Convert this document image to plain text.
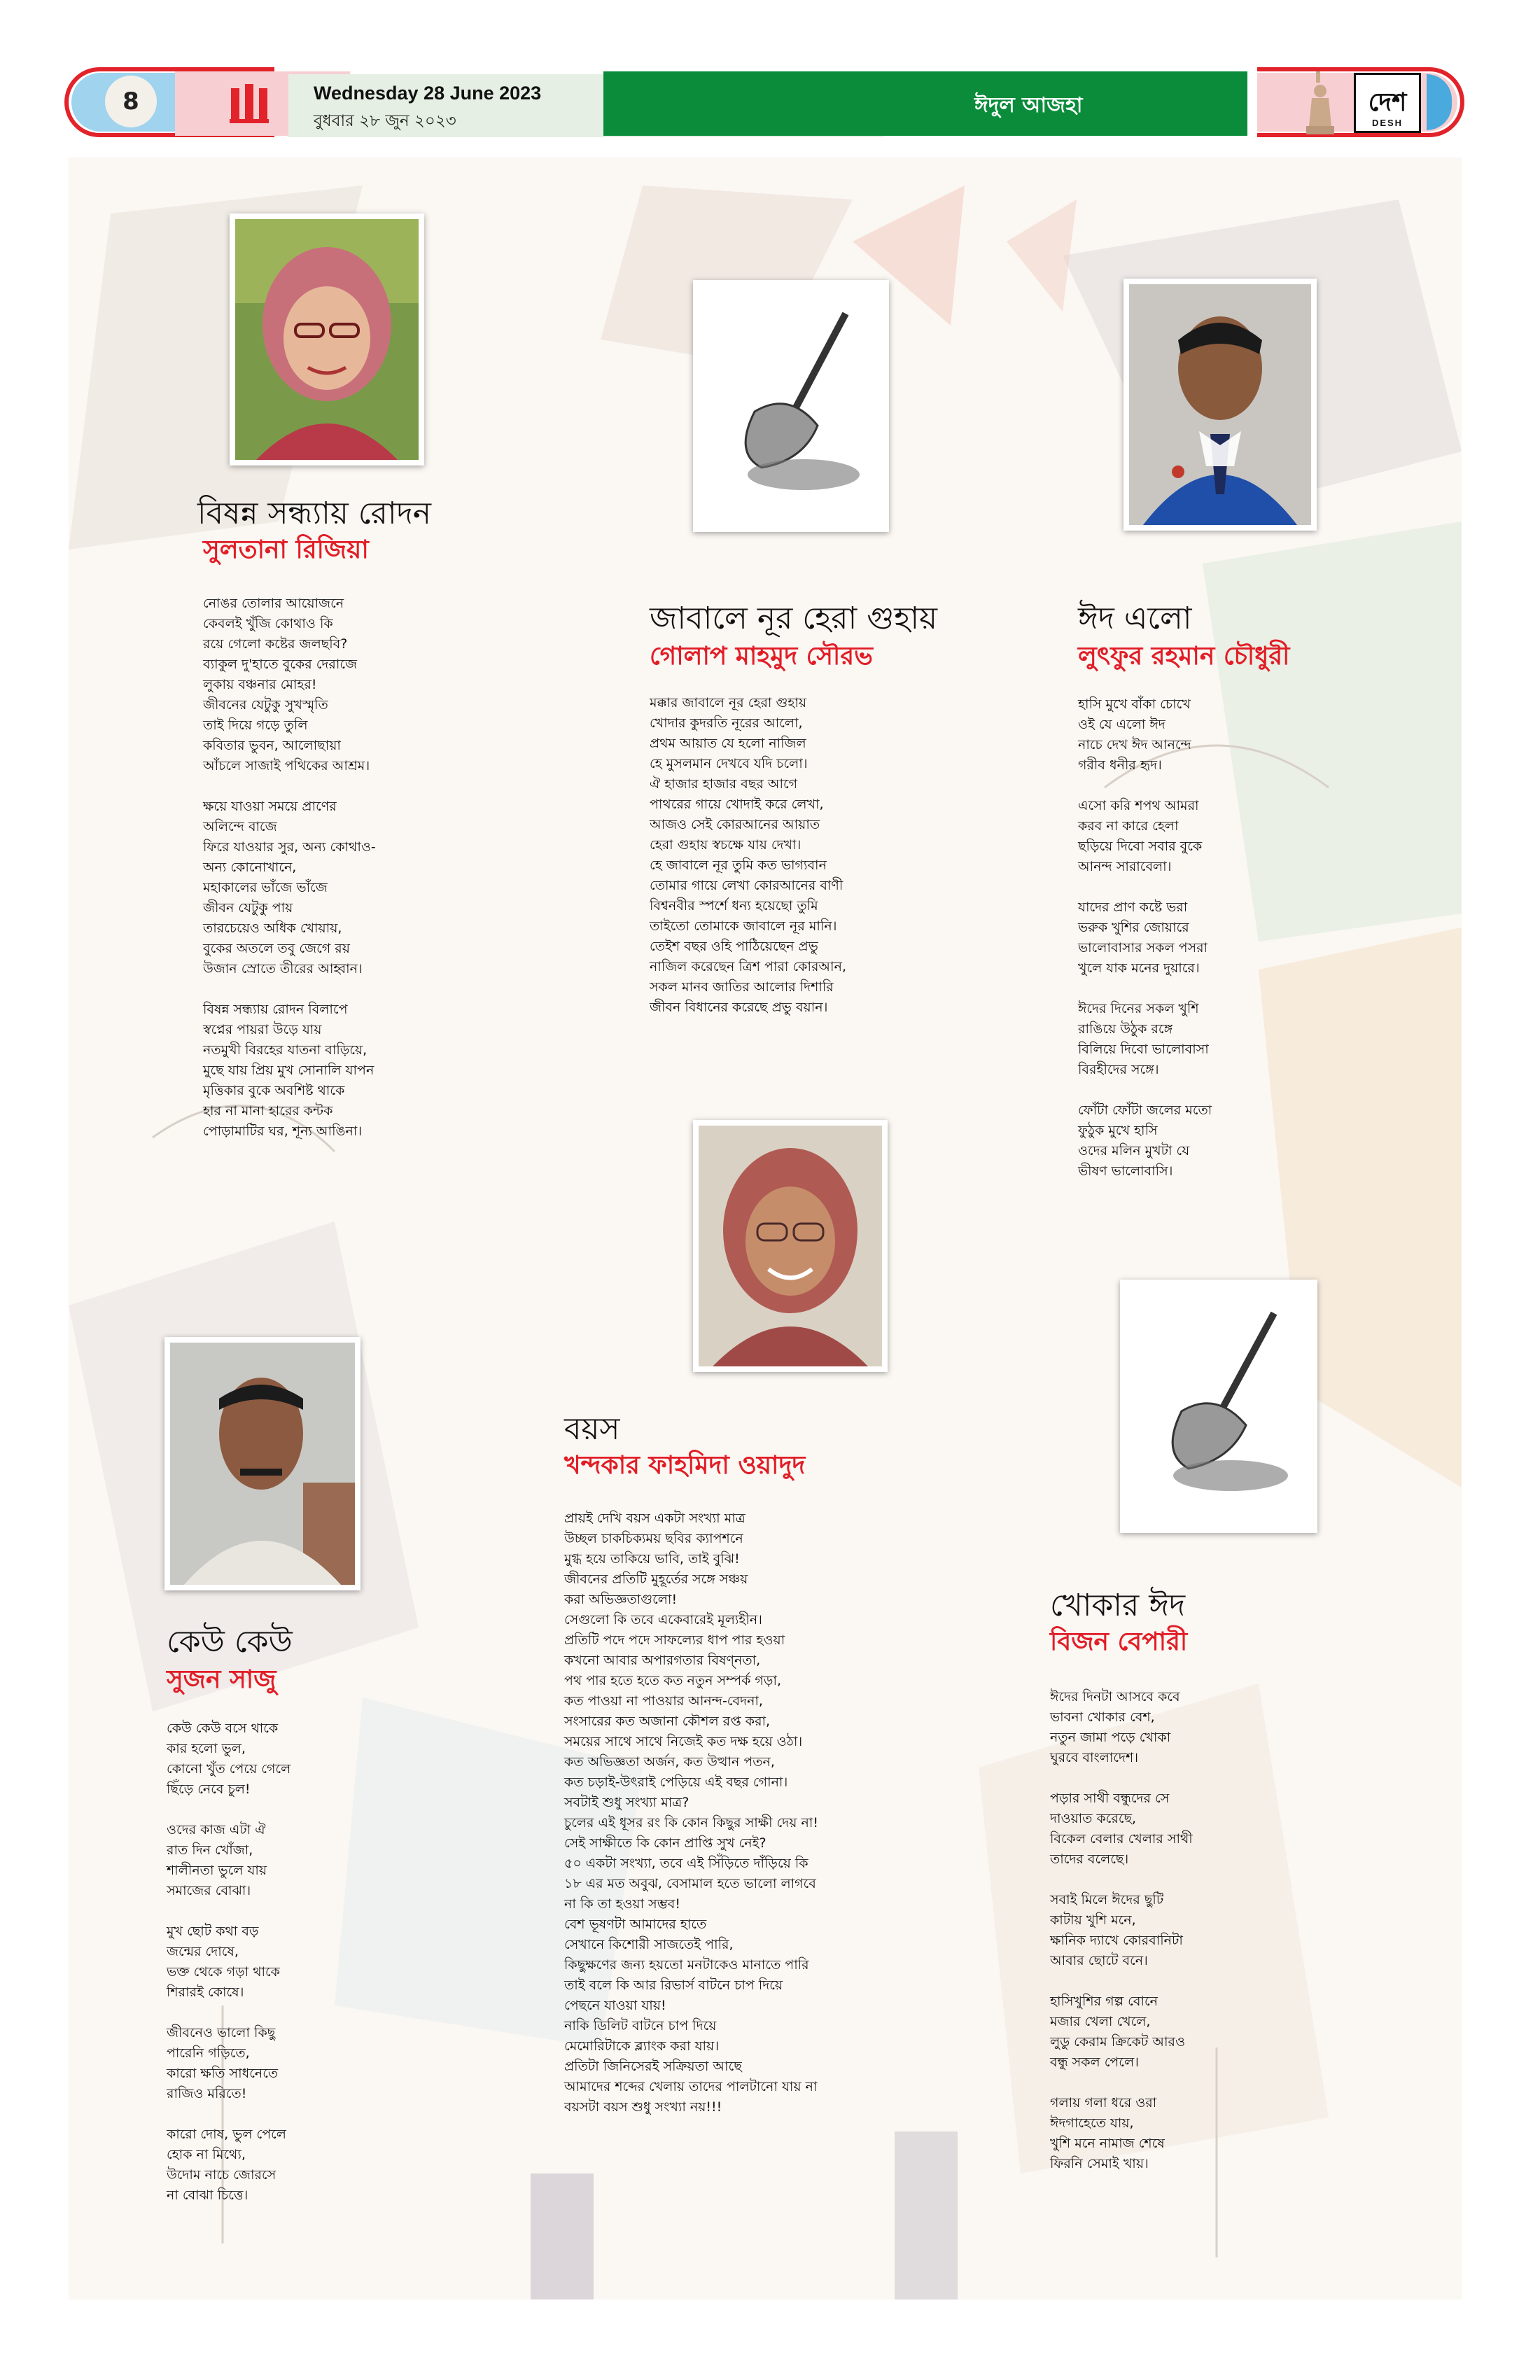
8	Wednesday 28 June 2023
বুধবার ২৮ জুন ২০২৩
ঈদুল আজহা	দেশ
DESH
বিষন্ন সন্ধ্যায় রোদন
সুলতানা রিজিয়া
নোঙর তোলার আয়োজনে
কেবলই খুঁজি কোথাও কি
রয়ে গেলো কষ্টের জলছবি?
ব্যাকুল দু'হাতে বুকের দেরাজে
লুকায় বঞ্চনার মোহর!
জীবনের যেটুকু সুখস্মৃতি
তাই দিয়ে গড়ে তুলি
কবিতার ভুবন, আলোছায়া
আঁচলে সাজাই পথিকের আশ্রম।
ক্ষয়ে যাওয়া সময়ে প্রাণের
অলিন্দে বাজে
ফিরে যাওয়ার সুর, অন্য কোথাও-
অন্য কোনোখানে,
মহাকালের ভাঁজে ভাঁজে
জীবন যেটুকু পায়
তারচেয়েও অধিক খোয়ায়,
বুকের অতলে তবু জেগে রয়
উজান স্রোতে তীরের আহ্বান।
বিষন্ন সন্ধ্যায় রোদন বিলাপে
স্বপ্নের পায়রা উড়ে যায়
নতমুখী বিরহের যাতনা বাড়িয়ে,
মুছে যায় প্রিয় মুখ সোনালি যাপন
মৃত্তিকার বুকে অবশিষ্ট থাকে
হার না মানা হারের কন্টক
পোড়ামাটির ঘর, শূন্য আঙিনা।
জাবালে নূর হেরা গুহায়
গোলাপ মাহমুদ সৌরভ
মক্কার জাবালে নূর হেরা গুহায়
খোদার কুদরতি নূরের আলো,
প্রথম আয়াত যে হলো নাজিল
হে মুসলমান দেখবে যদি চলো।
ঐ হাজার হাজার বছর আগে
পাথরের গায়ে খোদাই করে লেখা,
আজও সেই কোরআনের আয়াত
হেরা গুহায় স্বচক্ষে যায় দেখা।
হে জাবালে নূর তুমি কত ভাগ্যবান
তোমার গায়ে লেখা কোরআনের বাণী
বিশ্বনবীর স্পর্শে ধন্য হয়েছো তুমি
তাইতো তোমাকে জাবালে নূর মানি।
তেইশ বছর ওহি পাঠিয়েছেন প্রভু
নাজিল করেছেন ত্রিশ পারা কোরআন,
সকল মানব জাতির আলোর দিশারি
জীবন বিধানের করেছে প্রভু বয়ান।
ঈদ এলো
লুৎফুর রহমান চৌধুরী
হাসি মুখে বাঁকা চোখে
ওই যে এলো ঈদ
নাচে দেখ ঈদ আনন্দে
গরীব ধনীর হৃদ।
এসো করি শপথ আমরা
করব না কারে হেলা
ছড়িয়ে দিবো সবার বুকে
আনন্দ সারাবেলা।
যাদের প্রাণ কষ্টে ভরা
ভরুক খুশির জোয়ারে
ভালোবাসার সকল পসরা
খুলে যাক মনের দুয়ারে।
ঈদের দিনের সকল খুশি
রাঙিয়ে উঠুক রঙ্গে
বিলিয়ে দিবো ভালোবাসা
বিরহীদের সঙ্গে।
ফোঁটা ফোঁটা জলের মতো
ফুঠুক মুখে হাসি
ওদের মলিন মুখটা যে
ভীষণ ভালোবাসি।
বয়স
খন্দকার ফাহমিদা ওয়াদুদ
প্রায়ই দেখি বয়স একটা সংখ্যা মাত্র
উচ্ছল চাকচিক্যময় ছবির ক্যাপশনে
মুগ্ধ হয়ে তাকিয়ে ভাবি, তাই বুঝি!
জীবনের প্রতিটি মুহূর্তের সঙ্গে সঞ্চয়
করা অভিজ্ঞতাগুলো!
সেগুলো কি তবে একেবারেই মূল্যহীন।
প্রতিটি পদে পদে সাফল্যের ধাপ পার হওয়া
কখনো আবার অপারগতার বিষণ্নতা,
পথ পার হতে হতে কত নতুন সম্পর্ক গড়া,
কত পাওয়া না পাওয়ার আনন্দ-বেদনা,
সংসারের কত অজানা কৌশল রপ্ত করা,
সময়ের সাথে সাথে নিজেই কত দক্ষ হয়ে ওঠা।
কত অভিজ্ঞতা অর্জন, কত উত্থান পতন,
কত চড়াই-উৎরাই পেড়িয়ে এই বছর গোনা।
সবটাই শুধু সংখ্যা মাত্র?
চুলের এই ধূসর রং কি কোন কিছুর সাক্ষী দেয় না!
সেই সাক্ষীতে কি কোন প্রাপ্তি সুখ নেই?
৫০ একটা সংখ্যা, তবে এই সিঁড়িতে দাঁড়িয়ে কি
১৮ এর মত অবুঝ, বেসামাল হতে ভালো লাগবে
না কি তা হওয়া সম্ভব!
বেশ ভূষণটা আমাদের হাতে
সেখানে কিশোরী সাজতেই পারি,
কিছুক্ষণের জন্য হয়তো মনটাকেও মানাতে পারি
তাই বলে কি আর রিভার্স বাটনে চাপ দিয়ে
পেছনে যাওয়া যায়!
নাকি ডিলিট বাটনে চাপ দিয়ে
মেমোরিটাকে ব্ল্যাংক করা যায়।
প্রতিটা জিনিসেরই সক্রিয়তা আছে
আমাদের শব্দের খেলায় তাদের পালটানো যায় না
বয়সটা বয়স শুধু সংখ্যা নয়!!!
কেউ কেউ
সুজন সাজু
কেউ কেউ বসে থাকে
কার হলো ভুল,
কোনো খুঁত পেয়ে গেলে
ছিঁড়ে নেবে চুল!
ওদের কাজ এটা ঐ
রাত দিন খোঁজা,
শালীনতা ভুলে যায়
সমাজের বোঝা।
মুখ ছোট কথা বড়
জন্মের দোষে,
ভক্ত থেকে গড়া থাকে
শিরারই কোষে।
জীবনেও ভালো কিছু
পারেনি গড়িতে,
কারো ক্ষতি সাধনেতে
রাজিও মরিতে!
কারো দোষ, ভুল পেলে
হোক না মিথ্যে,
উদোম নাচে জোরসে
না বোঝা চিত্তে।
খোকার ঈদ
বিজন বেপারী
ঈদের দিনটা আসবে কবে
ভাবনা খোকার বেশ,
নতুন জামা পড়ে খোকা
ঘুরবে বাংলাদেশ।
পড়ার সাথী বন্ধুদের সে
দাওয়াত করেছে,
বিকেল বেলার খেলার সাথী
তাদের বলেছে।
সবাই মিলে ঈদের ছুটি
কাটায় খুশি মনে,
ক্ষানিক দ্যাখে কোরবানিটা
আবার ছোটে বনে।
হাসিখুশির গল্প বোনে
মজার খেলা খেলে,
লুডু কেরাম ক্রিকেট আরও
বন্ধু সকল পেলে।
গলায় গলা ধরে ওরা
ঈদগাহেতে যায়,
খুশি মনে নামাজ শেষে
ফিরনি সেমাই খায়।
